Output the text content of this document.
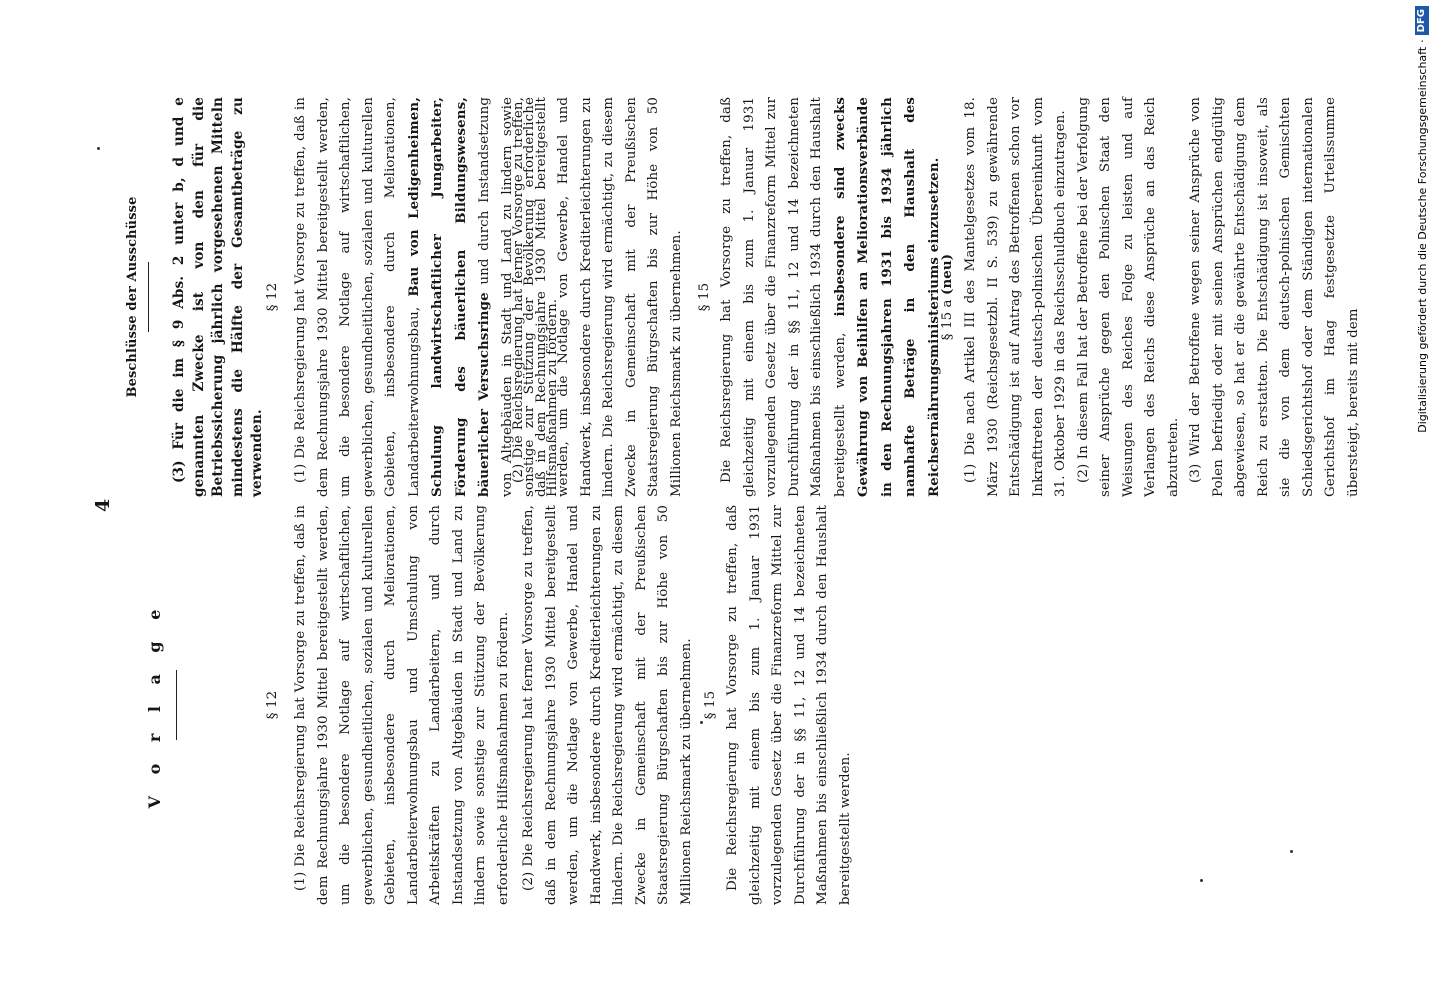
4
V o r l a g e	§ 12 (1) Die Reichsregierung hat Vorsorge zu treffen, daß in dem Rechnungsjahre 1930 Mittel bereitgestellt werden, um die besondere Notlage auf wirtschaftlichen, gewerblichen, gesundheitlichen, sozialen und kulturellen Gebieten, insbesondere durch Meliorationen, Landarbeiterwohnungsbau und Umschulung von Arbeitskräften zu Landarbeitern, und durch Instandsetzung von Altgebäuden in Stadt und Land zu lindern sowie sonstige zur Stützung der Bevölkerung erforderliche Hilfsmaßnahmen zu fördern. (2) Die Reichsregierung hat ferner Vorsorge zu treffen, daß in dem Rechnungsjahre 1930 Mittel bereitgestellt werden, um die Notlage von Gewerbe, Handel und Handwerk, insbesondere durch Krediterleichterungen zu lindern. Die Reichsregierung wird ermächtigt, zu diesem Zwecke in Gemeinschaft mit der Preußischen Staatsregierung Bürgschaften bis zur Höhe von 50 Millionen Reichsmark zu übernehmen. § 15 Die Reichsregierung hat Vorsorge zu treffen, daß gleichzeitig mit einem bis zum 1. Januar 1931 vorzulegenden Gesetz über die Finanzreform Mittel zur Durchführung der in §§ 11, 12 und 14 bezeichneten Maßnahmen bis einschließlich 1934 durch den Haushalt bereitgestellt werden.

(3) Für die im § 9 Abs. 2 unter b, d und e genannten Zwecke ist von den für die Betriebssicherung jährlich vorgesehenen Mitteln mindestens die Hälfte der Gesamtbeträge zu verwenden.

Beschlüsse der Ausschüsse	§ 12 (1) Die Reichsregierung hat Vorsorge zu treffen, daß in dem Rechnungsjahre 1930 Mittel bereitgestellt werden, um die besondere Notlage auf wirtschaftlichen, gewerblichen, gesundheitlichen, sozialen und kulturellen Gebieten, insbesondere durch Meliorationen, Landarbeiterwohnungsbau, Bau von Ledigenheimen, Schulung landwirtschaftlicher Jungarbeiter, Förderung des bäuerlichen Bildungswesens, bäuerlicher Versuchsringe und durch Instandsetzung von Altgebäuden in Stadt und Land zu lindern sowie sonstige zur Stützung der Bevölkerung erforderliche Hilfsmaßnahmen zu fördern.

(2) Die Reichsregierung hat ferner Vorsorge zu treffen, daß in dem Rechnungsjahre 1930 Mittel bereitgestellt werden, um die Notlage von Gewerbe, Handel und Handwerk, insbesondere durch Krediterleichterungen zu lindern. Die Reichsregierung wird ermächtigt, zu diesem Zwecke in Gemeinschaft mit der Preußischen Staatsregierung Bürgschaften bis zur Höhe von 50 Millionen Reichsmark zu übernehmen.	§ 15 Die Reichsregierung hat Vorsorge zu treffen, daß gleichzeitig mit einem bis zum 1. Januar 1931 vorzulegenden Gesetz über die Finanzreform Mittel zur Durchführung der in §§ 11, 12 und 14 bezeichneten Maßnahmen bis einschließlich 1934 durch den Haushalt bereitgestellt werden, insbesondere sind zwecks Gewährung von Beihilfen an Meliorationsverbände in den Rechnungsjahren 1931 bis 1934 jährlich namhafte Beträge in den Haushalt des Reichsernährungsministeriums einzusetzen.

§ 15 a (neu) (1) Die nach Artikel III des Mantelgesetzes vom 18. März 1930 (Reichsgesetzbl. II S. 539) zu gewährende Entschädigung ist auf Antrag des Betroffenen schon vor Inkrafttreten der deutsch-polnischen Übereinkunft vom 31. Oktober 1929 in das Reichsschuldbuch einzutragen. (2) In diesem Fall hat der Betroffene bei der Verfolgung seiner Ansprüche gegen den Polnischen Staat den Weisungen des Reiches Folge zu leisten und auf Verlangen des Reichs diese Ansprüche an das Reich abzutreten. (3) Wird der Betroffene wegen seiner Ansprüche von Polen befriedigt oder mit seinen Ansprüchen endgültig abgewiesen, so hat er die gewährte Entschädigung dem Reich zu erstatten. Die Entschädigung ist insoweit, als sie die von dem deutsch-polnischen Gemischten Schiedsgerichtshof oder dem Ständigen internationalen Gerichtshof im Haag festgesetzte Urteilssumme übersteigt, bereits mit dem	Digitalisierung gefördert durch die Deutsche Forschungsgemeinschaft
·
DFG
